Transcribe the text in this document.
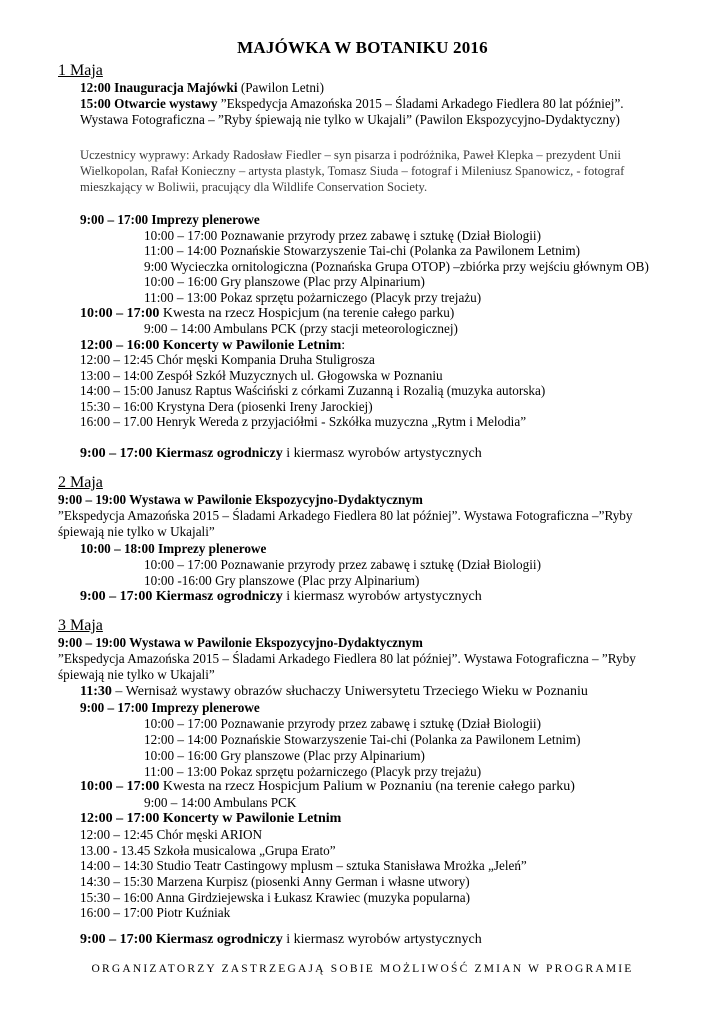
MAJÓWKA W BOTANIKU 2016
1 Maja
12:00 Inauguracja Majówki (Pawilon Letni)
15:00 Otwarcie wystawy ”Ekspedycja Amazońska 2015 – Śladami Arkadego Fiedlera 80 lat później”. Wystawa Fotograficzna – ”Ryby śpiewają nie tylko w Ukajali” (Pawilon Ekspozycyjno-Dydaktyczny)
Uczestnicy wyprawy: Arkady Radosław Fiedler – syn pisarza i podróżnika, Paweł Klepka – prezydent Unii Wielkopolan, Rafał Konieczny – artysta plastyk, Tomasz Siuda – fotograf i Mileniusz Spanowicz, - fotograf mieszkający w Boliwii, pracujący dla Wildlife Conservation Society.
9:00 – 17:00 Imprezy plenerowe
10:00 – 17:00 Poznawanie przyrody przez zabawę i sztukę (Dział Biologii)
11:00 – 14:00 Poznańskie Stowarzyszenie Tai-chi (Polanka za Pawilonem Letnim)
9:00 Wycieczka ornitologiczna (Poznańska Grupa OTOP) –zbiórka przy wejściu głównym OB)
10:00 – 16:00 Gry planszowe (Plac przy Alpinarium)
11:00 – 13:00 Pokaz sprzętu pożarniczego (Placyk przy trejażu)
10:00 – 17:00 Kwesta na rzecz Hospicjum (na terenie całego parku)
9:00 – 14:00 Ambulans PCK (przy stacji meteorologicznej)
12:00 – 16:00 Koncerty w Pawilonie Letnim:
12:00 – 12:45 Chór męski Kompania Druha Stuligrosza
13:00 – 14:00 Zespół Szkół Muzycznych ul. Głogowska w Poznaniu
14:00 – 15:00 Janusz Raptus Waściński z córkami Zuzanną i Rozalią (muzyka autorska)
15:30 – 16:00 Krystyna Dera (piosenki Ireny Jarockiej)
16:00 – 17.00 Henryk Wereda z przyjaciółmi - Szkółka muzyczna „Rytm i Melodia”
9:00 – 17:00 Kiermasz ogrodniczy i kiermasz wyrobów artystycznych
2 Maja
9:00 – 19:00 Wystawa w Pawilonie Ekspozycyjno-Dydaktycznym
”Ekspedycja Amazońska 2015 – Śladami Arkadego Fiedlera 80 lat później”. Wystawa Fotograficzna –”Ryby śpiewają nie tylko w Ukajali”
10:00 – 18:00 Imprezy plenerowe
10:00 – 17:00 Poznawanie przyrody przez zabawę i sztukę (Dział Biologii)
10:00 -16:00 Gry planszowe (Plac przy Alpinarium)
9:00 – 17:00 Kiermasz ogrodniczy i kiermasz wyrobów artystycznych
3 Maja
9:00 – 19:00 Wystawa w Pawilonie Ekspozycyjno-Dydaktycznym
”Ekspedycja Amazońska 2015 – Śladami Arkadego Fiedlera 80 lat później”. Wystawa Fotograficzna – ”Ryby śpiewają nie tylko w Ukajali”
11:30 – Wernisaż wystawy obrazów słuchaczy Uniwersytetu Trzeciego Wieku w Poznaniu
9:00 – 17:00 Imprezy plenerowe
10:00 – 17:00 Poznawanie przyrody przez zabawę i sztukę (Dział Biologii)
12:00 – 14:00 Poznańskie Stowarzyszenie Tai-chi (Polanka za Pawilonem Letnim)
10:00 – 16:00 Gry planszowe (Plac przy Alpinarium)
11:00 – 13:00 Pokaz sprzętu pożarniczego (Placyk przy trejażu)
10:00 – 17:00 Kwesta na rzecz Hospicjum Palium w Poznaniu (na terenie całego parku)
9:00 – 14:00 Ambulans PCK
12:00 – 17:00 Koncerty w Pawilonie Letnim
12:00 – 12:45 Chór męski ARION
13.00 - 13.45 Szkoła musicalowa „Grupa Erato”
14:00 – 14:30 Studio Teatr Castingowy mplusm – sztuka Stanisława Mrożka „Jeleń”
14:30 – 15:30 Marzena Kurpisz (piosenki Anny German i własne utwory)
15:30 – 16:00 Anna Girdziejewska i Łukasz Krawiec (muzyka popularna)
16:00 – 17:00 Piotr Kuźniak
9:00 – 17:00 Kiermasz ogrodniczy i kiermasz wyrobów artystycznych
ORGANIZATORZY ZASTRZEGAJĄ SOBIE MOŻLIWOŚĆ ZMIAN W PROGRAMIE
